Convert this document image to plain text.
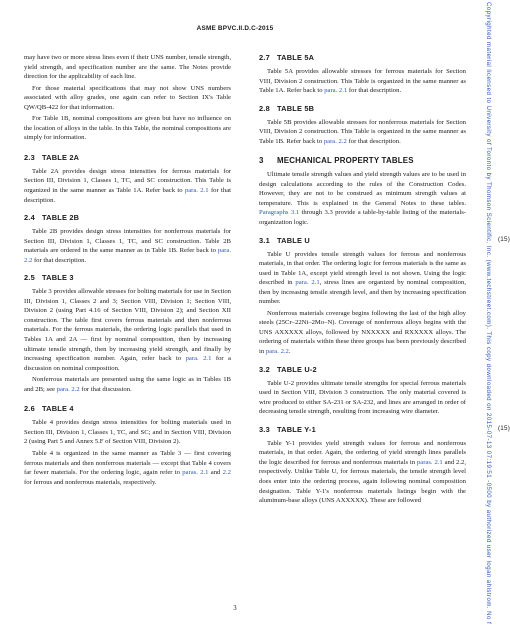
ASME BPVC.II.D.C-2015

may have two or more stress lines even if their UNS number, tensile strength, yield strength, and specification number are the same. The Notes provide direction for the applicability of each line.

For those material specifications that may not show UNS numbers associated with alloy grades, one again can refer to Section IX's Table QW/QB-422 for that information.

For Table 1B, nominal compositions are given but have no influence on the location of alloys in the table. In this Table, the nominal compositions are simply for information.

2.3 TABLE 2A

Table 2A provides design stress intensities for ferrous materials for Section III, Division 1, Classes 1, TC, and SC construction. This Table is organized in the same manner as Table 1A. Refer back to para. 2.1 for that description.

2.4 TABLE 2B

Table 2B provides design stress intensities for nonferrous materials for Section III, Division 1, Classes 1, TC, and SC construction. Table 2B materials are ordered in the same manner as in Table 1B. Refer back to para. 2.2 for that description.

2.5 TABLE 3

Table 3 provides allowable stresses for bolting materials for use in Section III, Division 1, Classes 2 and 3; Section VIII, Division 1; Section VIII, Division 2 (using Part 4.16 of Section VIII, Division 2); and Section XII construction. The table first covers ferrous materials and then nonferrous materials. For the ferrous materials, the ordering logic parallels that used in Tables 1A and 2A — first by nominal composition, then by increasing ultimate tensile strength, then by increasing yield strength, and finally by increasing specification number. Again, refer back to para. 2.1 for a discussion on nominal composition.

Nonferrous materials are presented using the same logic as in Tables 1B and 2B; see para. 2.2 for that discussion.

2.6 TABLE 4

Table 4 provides design stress intensities for bolting materials used in Section III, Division 1, Classes 1, TC, and SC; and in Section VIII, Division 2 (using Part 5 and Annex 5.F of Section VIII, Division 2).

Table 4 is organized in the same manner as Table 3 — first covering ferrous materials and then nonferrous materials — except that Table 4 covers far fewer materials. For the ordering logic, again refer to paras. 2.1 and 2.2 for ferrous and nonferrous materials, respectively.

2.7 TABLE 5A

Table 5A provides allowable stresses for ferrous materials for Section VIII, Division 2 construction. This Table is organized in the same manner as Table 1A. Refer back to para. 2.1 for that description.

2.8 TABLE 5B

Table 5B provides allowable stresses for nonferrous materials for Section VIII, Division 2 construction. This Table is organized in the same manner as Table 1B. Refer back to para. 2.2 for that description.

3 MECHANICAL PROPERTY TABLES

Ultimate tensile strength values and yield strength values are to be used in design calculations according to the rules of the Construction Codes. However, they are not to be construed as minimum strength values at temperature. This is explained in the General Notes to these tables. Paragraphs 3.1 through 3.3 provide a table-by-table listing of the materials-organization logic.

3.1 TABLE U	(15)

Table U provides tensile strength values for ferrous and nonferrous materials, in that order. The ordering logic for ferrous materials is the same as used in Table 1A, except yield strength level is not shown. Using the logic described in para. 2.1, stress lines are organized by nominal composition, then by increasing tensile strength level, and then by increasing specification number.

Nonferrous materials coverage begins following the last of the high alloy steels (25Cr–22Ni–2Mo–N). Coverage of nonferrous alloys begins with the UNS AXXXXX alloys, followed by NXXXXX and RXXXXX alloys. The ordering of materials within these three groups has been previously described in para. 2.2.

3.2 TABLE U-2

Table U-2 provides ultimate tensile strengths for special ferrous materials used in Section VIII, Division 3 construction. The only material covered is wire produced to either SA-231 or SA-232, and lines are arranged in order of decreasing tensile strength, resulting from increasing wire diameter.

3.3 TABLE Y-1	(15)

Table Y-1 provides yield strength values for ferrous and nonferrous materials, in that order. Again, the ordering of yield strength lines parallels the logic described for ferrous and nonferrous materials in paras. 2.1 and 2.2, respectively. Unlike Table U, for ferrous materials, the tensile strength level does enter into the ordering process, again following nominal composition designation. Table Y-1's nonferrous materials listings begin with the aluminum-base alloys (UNS AXXXXX). These are followed

3	Copyrighted material licensed to University of Toronto by Thomson Scientific, Inc. (www.techstreet.com). This copy downloaded on 2015-07-13 07:19:51 -0500 by authorized user logan ahlstrom. No f
